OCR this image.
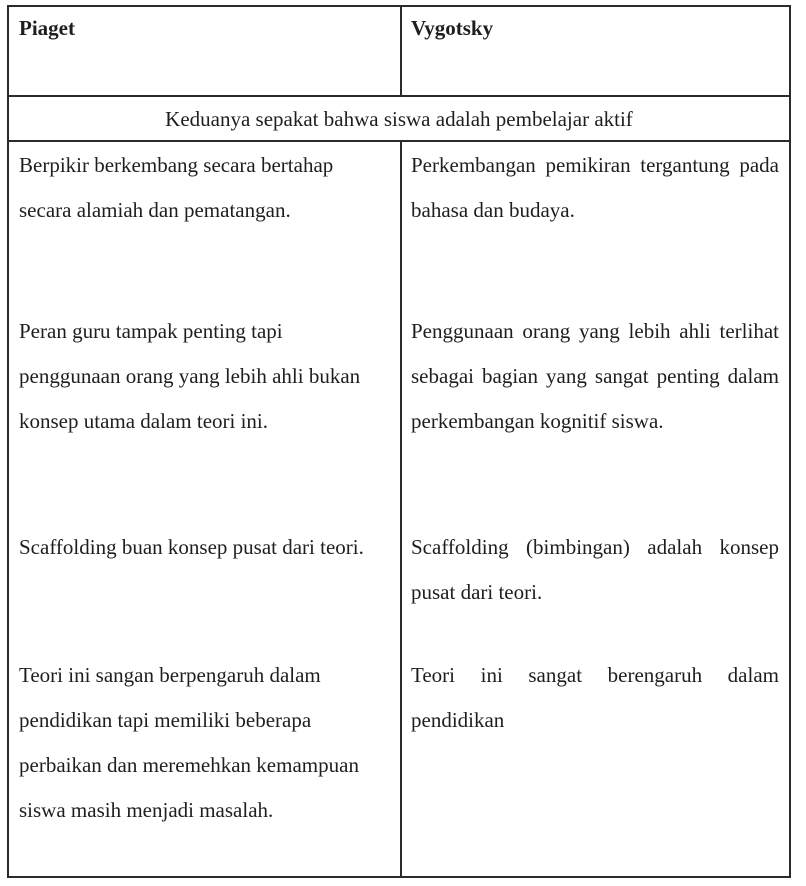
Piaget	Vygotsky
Keduanya sepakat bahwa siswa adalah pembelajar aktif

Berpikir berkembang secara bertahap secara alamiah dan pematangan.

Peran guru tampak penting tapi penggunaan orang yang lebih ahli bukan konsep utama dalam teori ini.

Scaffolding buan konsep pusat dari teori.

Teori ini sangan berpengaruh dalam pendidikan tapi memiliki beberapa perbaikan dan meremehkan kemampuan siswa masih menjadi masalah.

Perkembangan pemikiran tergantung pada bahasa dan budaya.

Penggunaan orang yang lebih ahli terlihat sebagai bagian yang sangat penting dalam perkembangan kognitif siswa.

Scaffolding (bimbingan) adalah konsep pusat dari teori.

Teori ini sangat berengaruh dalam pendidikan
